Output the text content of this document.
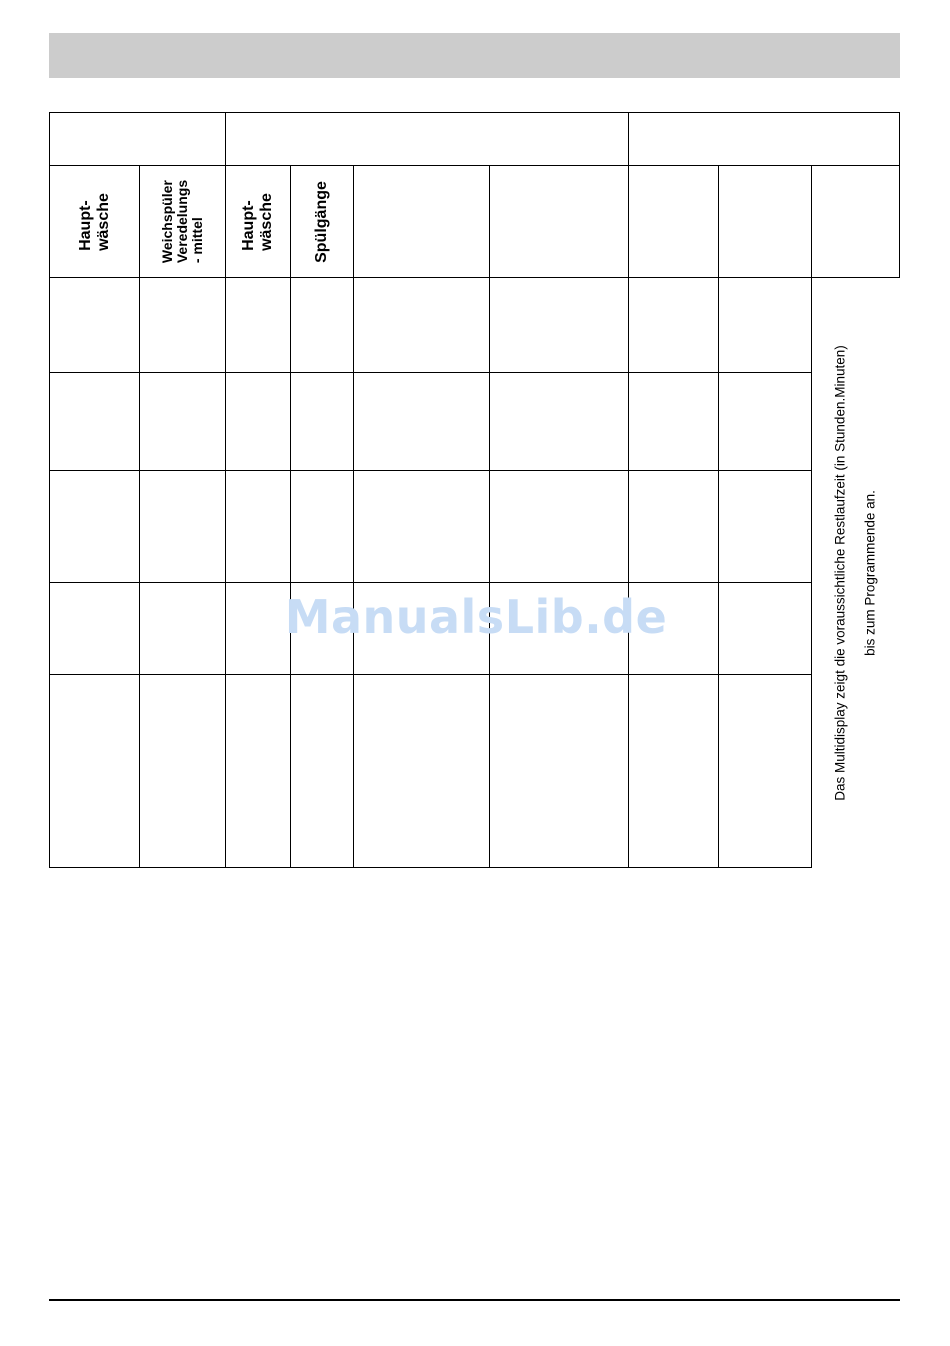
Haupt-
wäsche	Weichspüler
Veredelungs
- mittel Haupt-
wäsche Spülgänge
Das Multidisplay zeigt die voraussichtliche Restlaufzeit (in Stunden.Minuten)
bis zum Programmende an.
ManualsLib.de
